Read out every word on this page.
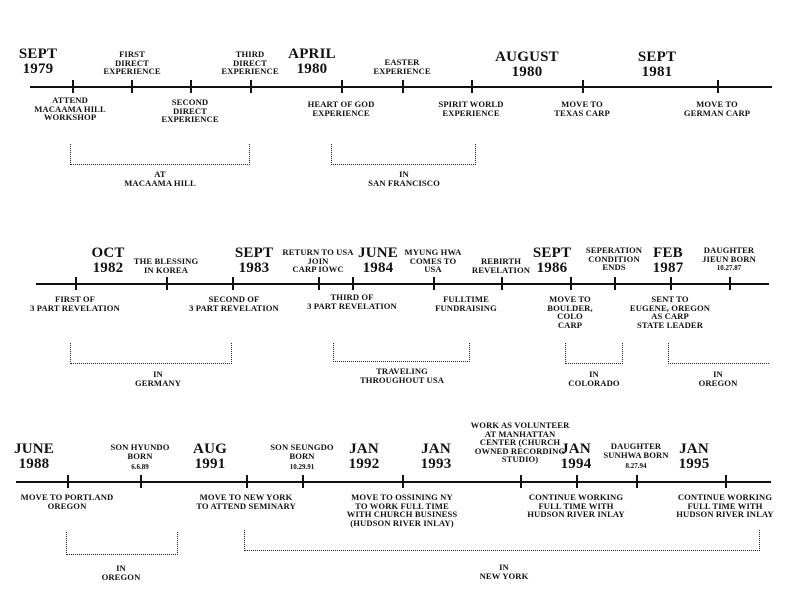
SEPT
1979
FIRST
DIRECT
EXPERIENCE
THIRD
DIRECT
EXPERIENCE
APRIL
1980	EASTER
EXPERIENCE
AUGUST
1980
SEPT
1981
ATTEND
MACAAMA HILL
WORKSHOP
SECOND
DIRECT
EXPERIENCE
HEART OF GOD
EXPERIENCE
SPIRIT WORLD
EXPERIENCE
MOVE TO
TEXAS CARP
MOVE TO
GERMAN CARP
AT
MACAAMA HILL
IN
SAN FRANCISCO
OCT
1982 THE BLESSING
IN KOREA
SEPT
1983
RETURN TO USA
JOIN
CARP IOWC
JUNE
1984
MYUNG HWA
COMES TO
USA
REBIRTH
REVELATION
SEPT
1986
SEPERATION
CONDITION
ENDS
FEB
1987
DAUGHTER
JIEUN BORN
10.27.87
FIRST OF
3 PART REVELATION
SECOND OF
3 PART REVELATION
THIRD OF
3 PART REVELATION
FULLTIME
FUNDRAISING
MOVE TO
BOULDER,
COLO
CARP
SENT TO
EUGENE, OREGON
AS CARP
STATE LEADER
IN
GERMANY
TRAVELING
THROUGHOUT USA
IN
COLORADO
IN
OREGON
JUNE
1988
SON HYUNDO
BORN
6.6.89
AUG
1991
SON SEUNGDO
BORN
10.29.91
JAN
1992
WORK AS VOLUNTEER
AT MANHATTAN
CENTER (CHURCH
OWNED RECORDING
STUDIO)
JAN
1993
JAN
1994
DAUGHTER
SUNHWA BORN
8.27.94
JAN
1995
MOVE TO PORTLAND
OREGON
MOVE TO NEW YORK
TO ATTEND SEMINARY
MOVE TO OSSINING NY
TO WORK FULL TIME
WITH CHURCH BUSINESS
(HUDSON RIVER INLAY)
CONTINUE WORKING
FULL TIME WITH
HUDSON RIVER INLAY
CONTINUE WORKING
FULL TIME WITH
HUDSON RIVER INLAY
IN
OREGON
IN
NEW YORK
